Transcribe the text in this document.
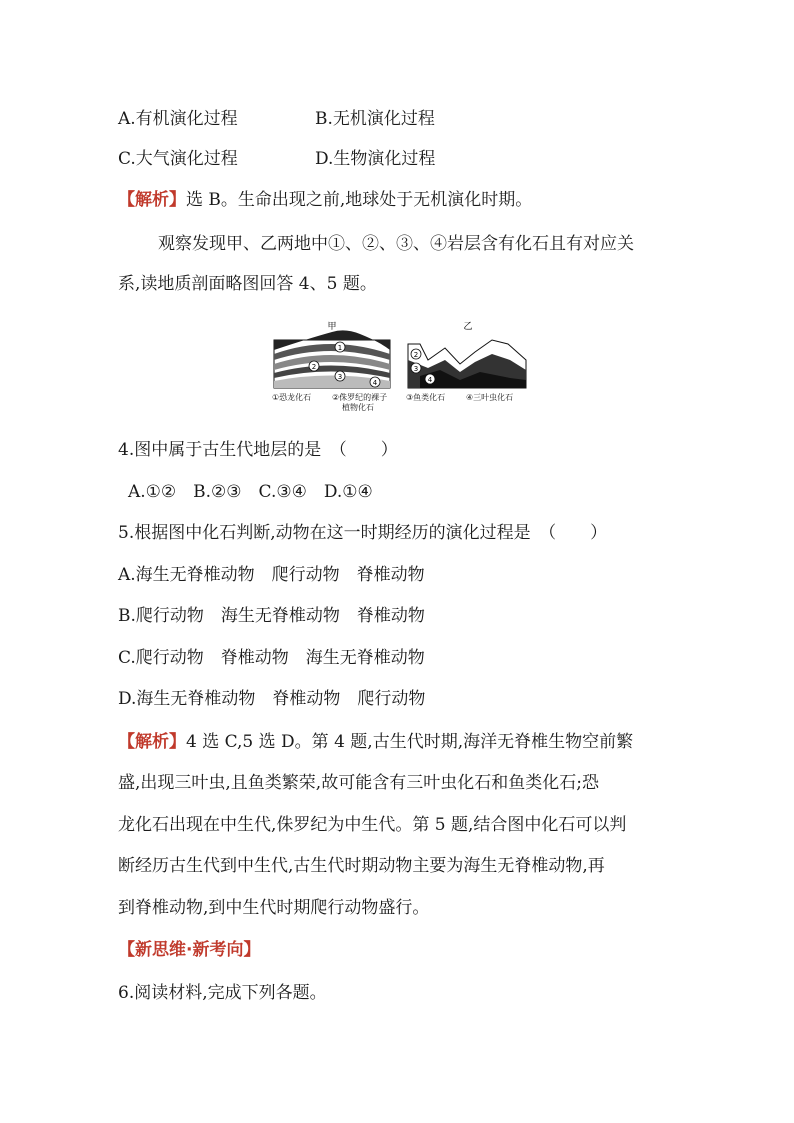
A.有机演化过程	B.无机演化过程
C.大气演化过程	D.生物演化过程
【解析】选 B。生命出现之前,地球处于无机演化时期。
观察发现甲、乙两地中①、②、③、④岩层含有化石且有对应关
系,读地质剖面略图回答 4、5 题。
1
2
3
4
甲
2
3
4
乙
①恐龙化石	②侏罗纪的裸子
植物化石
③鱼类化石	④三叶虫化石
4.图中属于古生代地层的是　（　　）
A.①②　B.②③　C.③④　D.①④
5.根据图中化石判断,动物在这一时期经历的演化过程是　（　　）
A.海生无脊椎动物　爬行动物　脊椎动物
B.爬行动物　海生无脊椎动物　脊椎动物
C.爬行动物　脊椎动物　海生无脊椎动物
D.海生无脊椎动物　脊椎动物　爬行动物
【解析】4 选 C,5 选 D。第 4 题,古生代时期,海洋无脊椎生物空前繁
盛,出现三叶虫,且鱼类繁荣,故可能含有三叶虫化石和鱼类化石;恐
龙化石出现在中生代,侏罗纪为中生代。第 5 题,结合图中化石可以判
断经历古生代到中生代,古生代时期动物主要为海生无脊椎动物,再
到脊椎动物,到中生代时期爬行动物盛行。
【新思维·新考向】
6.阅读材料,完成下列各题。
